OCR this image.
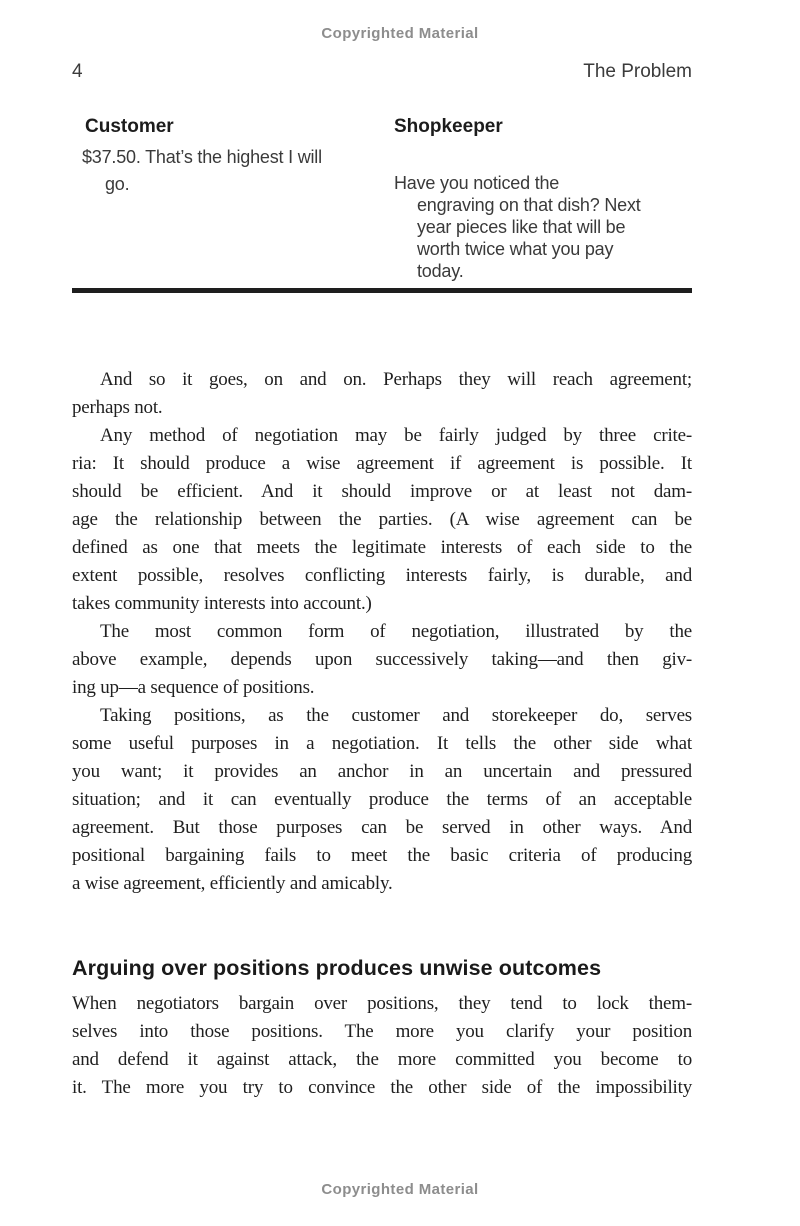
Copyrighted Material
4	The Problem
Customer
$37.50. That’s the highest I will
go.
Shopkeeper
Have you noticed the
engraving on that dish? Next
year pieces like that will be
worth twice what you pay
today.
And so it goes, on and on. Perhaps they will reach agreement;
perhaps not.
Any method of negotiation may be fairly judged by three crite-
ria: It should produce a wise agreement if agreement is possible. It
should be efficient. And it should improve or at least not dam-
age the relationship between the parties. (A wise agreement can be
defined as one that meets the legitimate interests of each side to the
extent possible, resolves conflicting interests fairly, is durable, and
takes community interests into account.)
The most common form of negotiation, illustrated by the
above example, depends upon successively taking—and then giv-
ing up—a sequence of positions.
Taking positions, as the customer and storekeeper do, serves
some useful purposes in a negotiation. It tells the other side what
you want; it provides an anchor in an uncertain and pressured
situation; and it can eventually produce the terms of an acceptable
agreement. But those purposes can be served in other ways. And
positional bargaining fails to meet the basic criteria of producing
a wise agreement, efficiently and amicably.
Arguing over positions produces unwise outcomes
When negotiators bargain over positions, they tend to lock them-
selves into those positions. The more you clarify your position
and defend it against attack, the more committed you become to
it. The more you try to convince the other side of the impossibility
Copyrighted Material
